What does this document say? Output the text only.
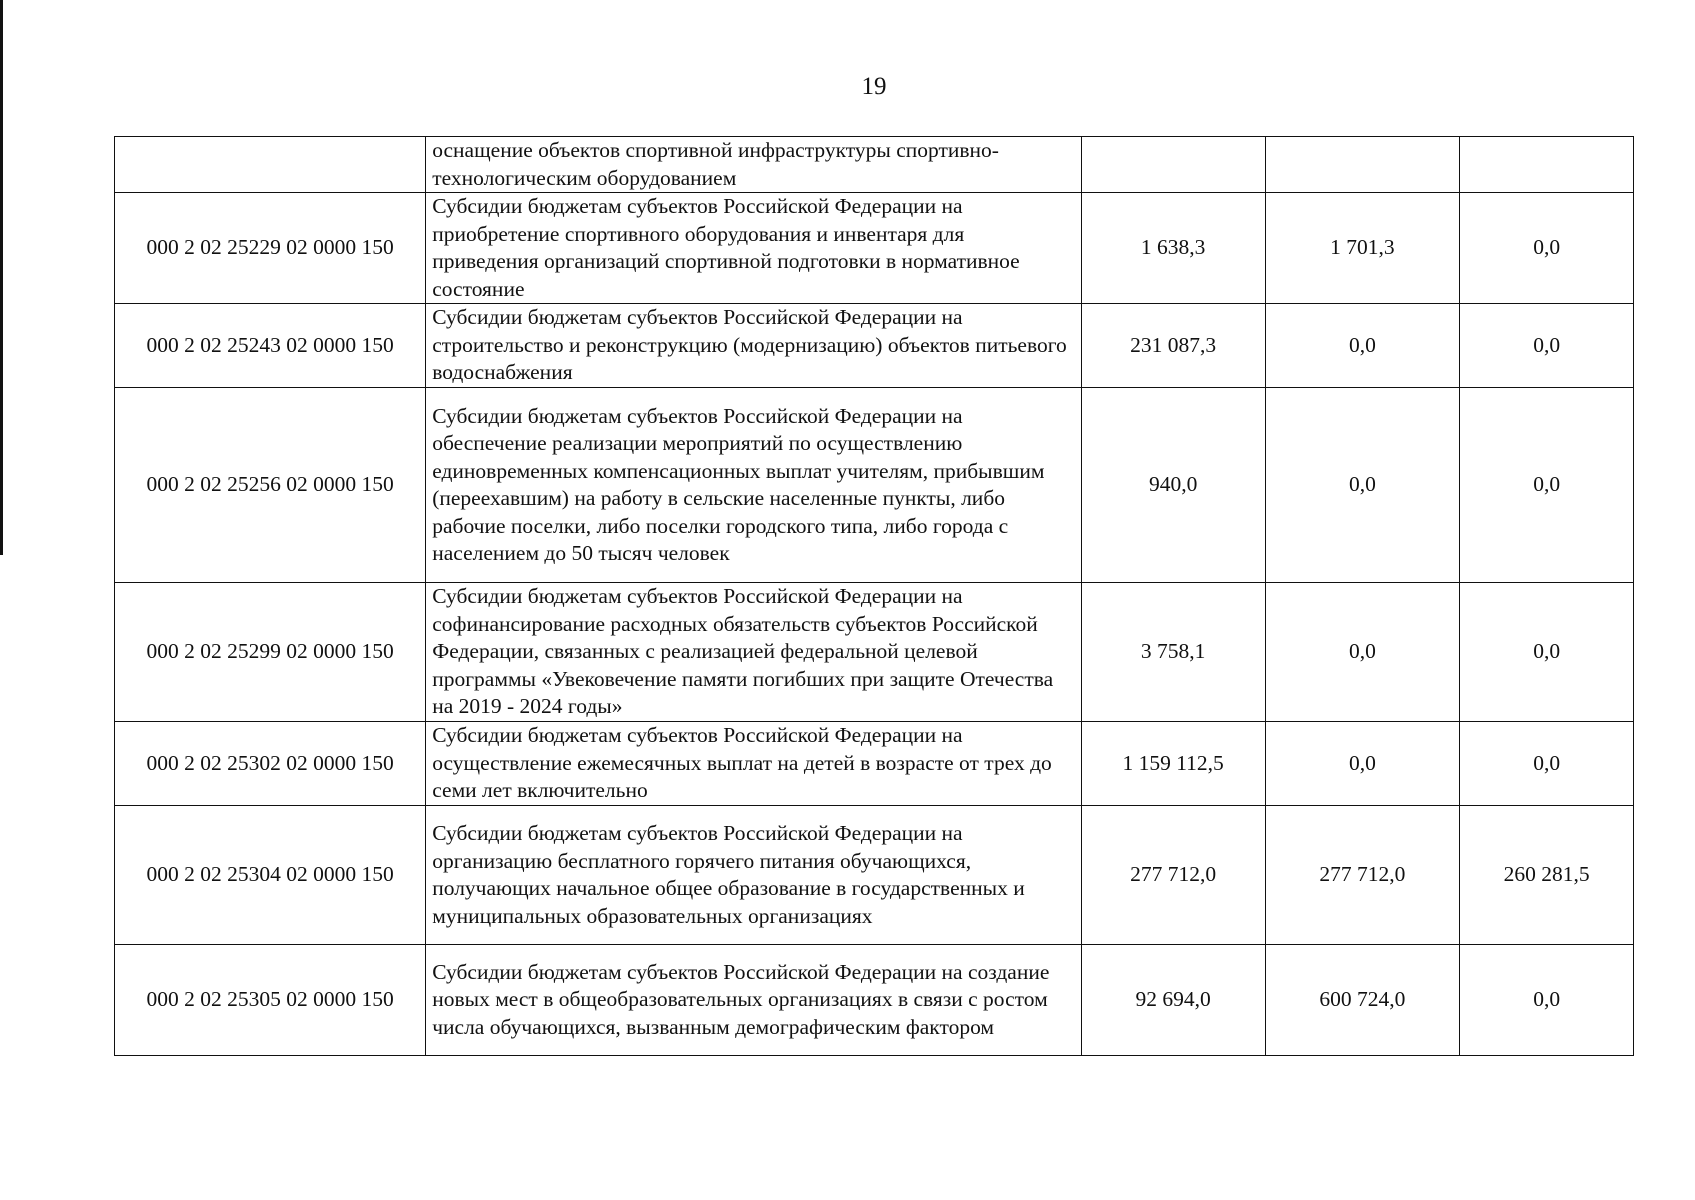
19
	оснащение объектов спортивной инфраструктуры спортивно-технологическим оборудованием			
000 2 02 25229 02 0000 150	Субсидии бюджетам субъектов Российской Федерации на приобретение спортивного оборудования и инвентаря для приведения организаций спортивной подготовки в нормативное состояние	1 638,3	1 701,3	0,0
000 2 02 25243 02 0000 150	Субсидии бюджетам субъектов Российской Федерации на строительство и реконструкцию (модернизацию) объектов питьевого водоснабжения	231 087,3	0,0	0,0
000 2 02 25256 02 0000 150	Субсидии бюджетам субъектов Российской Федерации на обеспечение реализации мероприятий по осуществлению единовременных компенсационных выплат учителям, прибывшим (переехавшим) на работу в сельские населенные пункты, либо рабочие поселки, либо поселки городского типа, либо города с населением до 50 тысяч человек	940,0	0,0	0,0
000 2 02 25299 02 0000 150	Субсидии бюджетам субъектов Российской Федерации на софинансирование расходных обязательств субъектов Российской Федерации, связанных с реализацией федеральной целевой программы «Увековечение памяти погибших при защите Отечества на 2019 - 2024 годы»	3 758,1	0,0	0,0
000 2 02 25302 02 0000 150	Субсидии бюджетам субъектов Российской Федерации на осуществление ежемесячных выплат на детей в возрасте от трех до семи лет включительно	1 159 112,5	0,0	0,0
000 2 02 25304 02 0000 150	Субсидии бюджетам субъектов Российской Федерации на организацию бесплатного горячего питания обучающихся, получающих начальное общее образование в государственных и муниципальных образовательных организациях	277 712,0	277 712,0	260 281,5
000 2 02 25305 02 0000 150	Субсидии бюджетам субъектов Российской Федерации на создание новых мест в общеобразовательных организациях в связи с ростом числа обучающихся, вызванным демографическим фактором	92 694,0	600 724,0	0,0
